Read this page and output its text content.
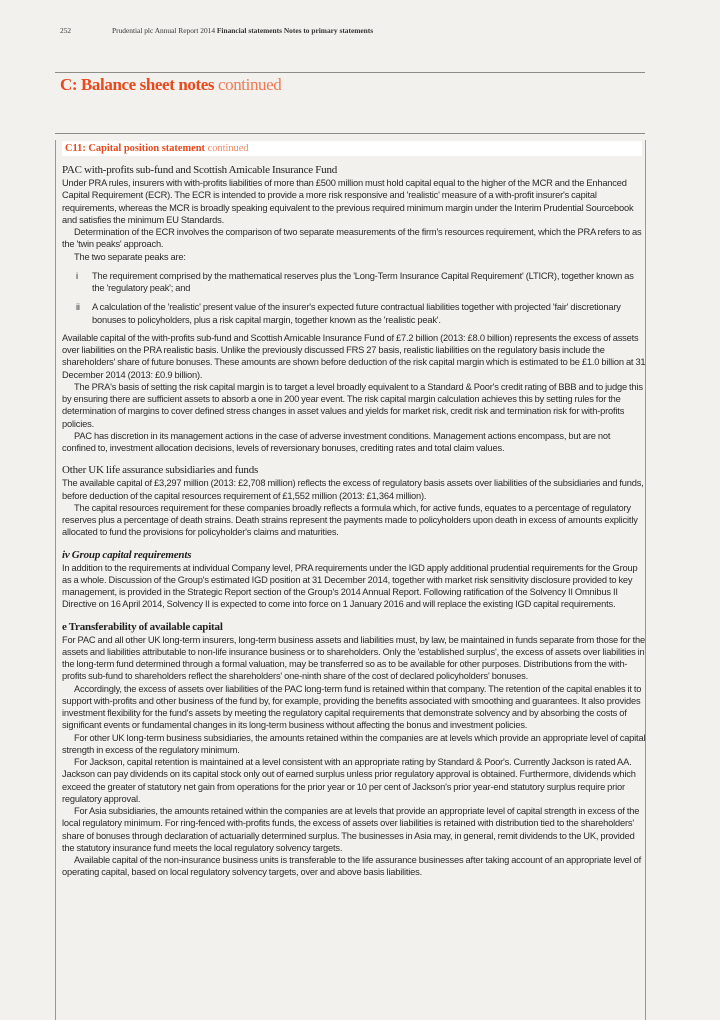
252	Prudential plc Annual Report 2014 Financial statements Notes to primary statements
C: Balance sheet notes continued
C11: Capital position statement continued
PAC with-profits sub-fund and Scottish Amicable Insurance Fund

Under PRA rules, insurers with with-profits liabilities of more than £500 million must hold capital equal to the higher of the MCR and the Enhanced Capital Requirement (ECR). The ECR is intended to provide a more risk responsive and 'realistic' measure of a with-profit insurer's capital requirements, whereas the MCR is broadly speaking equivalent to the previous required minimum margin under the Interim Prudential Sourcebook and satisfies the minimum EU Standards.

Determination of the ECR involves the comparison of two separate measurements of the firm's resources requirement, which the PRA refers to as the 'twin peaks' approach.

The two separate peaks are:

i	The requirement comprised by the mathematical reserves plus the 'Long-Term Insurance Capital Requirement' (LTICR), together known as the 'regulatory peak'; and
ii	A calculation of the 'realistic' present value of the insurer's expected future contractual liabilities together with projected 'fair' discretionary bonuses to policyholders, plus a risk capital margin, together known as the 'realistic peak'.

Available capital of the with-profits sub-fund and Scottish Amicable Insurance Fund of £7.2 billion (2013: £8.0 billion) represents the excess of assets over liabilities on the PRA realistic basis. Unlike the previously discussed FRS 27 basis, realistic liabilities on the regulatory basis include the shareholders' share of future bonuses. These amounts are shown before deduction of the risk capital margin which is estimated to be £1.0 billion at 31 December 2014 (2013: £0.9 billion).

The PRA's basis of setting the risk capital margin is to target a level broadly equivalent to a Standard & Poor's credit rating of BBB and to judge this by ensuring there are sufficient assets to absorb a one in 200 year event. The risk capital margin calculation achieves this by setting rules for the determination of margins to cover defined stress changes in asset values and yields for market risk, credit risk and termination risk for with-profits policies.

PAC has discretion in its management actions in the case of adverse investment conditions. Management actions encompass, but are not confined to, investment allocation decisions, levels of reversionary bonuses, crediting rates and total claim values.

Other UK life assurance subsidiaries and funds

The available capital of £3,297 million (2013: £2,708 million) reflects the excess of regulatory basis assets over liabilities of the subsidiaries and funds, before deduction of the capital resources requirement of £1,552 million (2013: £1,364 million).

The capital resources requirement for these companies broadly reflects a formula which, for active funds, equates to a percentage of regulatory reserves plus a percentage of death strains. Death strains represent the payments made to policyholders upon death in excess of amounts explicitly allocated to fund the provisions for policyholder's claims and maturities.

iv Group capital requirements

In addition to the requirements at individual Company level, PRA requirements under the IGD apply additional prudential requirements for the Group as a whole. Discussion of the Group's estimated IGD position at 31 December 2014, together with market risk sensitivity disclosure provided to key management, is provided in the Strategic Report section of the Group's 2014 Annual Report. Following ratification of the Solvency II Omnibus II Directive on 16 April 2014, Solvency II is expected to come into force on 1 January 2016 and will replace the existing IGD capital requirements.

e Transferability of available capital

For PAC and all other UK long-term insurers, long-term business assets and liabilities must, by law, be maintained in funds separate from those for the assets and liabilities attributable to non-life insurance business or to shareholders. Only the 'established surplus', the excess of assets over liabilities in the long-term fund determined through a formal valuation, may be transferred so as to be available for other purposes. Distributions from the with-profits sub-fund to shareholders reflect the shareholders' one-ninth share of the cost of declared policyholders' bonuses.

Accordingly, the excess of assets over liabilities of the PAC long-term fund is retained within that company. The retention of the capital enables it to support with-profits and other business of the fund by, for example, providing the benefits associated with smoothing and guarantees. It also provides investment flexibility for the fund's assets by meeting the regulatory capital requirements that demonstrate solvency and by absorbing the costs of significant events or fundamental changes in its long-term business without affecting the bonus and investment policies.

For other UK long-term business subsidiaries, the amounts retained within the companies are at levels which provide an appropriate level of capital strength in excess of the regulatory minimum.

For Jackson, capital retention is maintained at a level consistent with an appropriate rating by Standard & Poor's. Currently Jackson is rated AA. Jackson can pay dividends on its capital stock only out of earned surplus unless prior regulatory approval is obtained. Furthermore, dividends which exceed the greater of statutory net gain from operations for the prior year or 10 per cent of Jackson's prior year-end statutory surplus require prior regulatory approval.

For Asia subsidiaries, the amounts retained within the companies are at levels that provide an appropriate level of capital strength in excess of the local regulatory minimum. For ring-fenced with-profits funds, the excess of assets over liabilities is retained with distribution tied to the shareholders' share of bonuses through declaration of actuarially determined surplus. The businesses in Asia may, in general, remit dividends to the UK, provided the statutory insurance fund meets the local regulatory solvency targets.

Available capital of the non-insurance business units is transferable to the life assurance businesses after taking account of an appropriate level of operating capital, based on local regulatory solvency targets, over and above basis liabilities.
